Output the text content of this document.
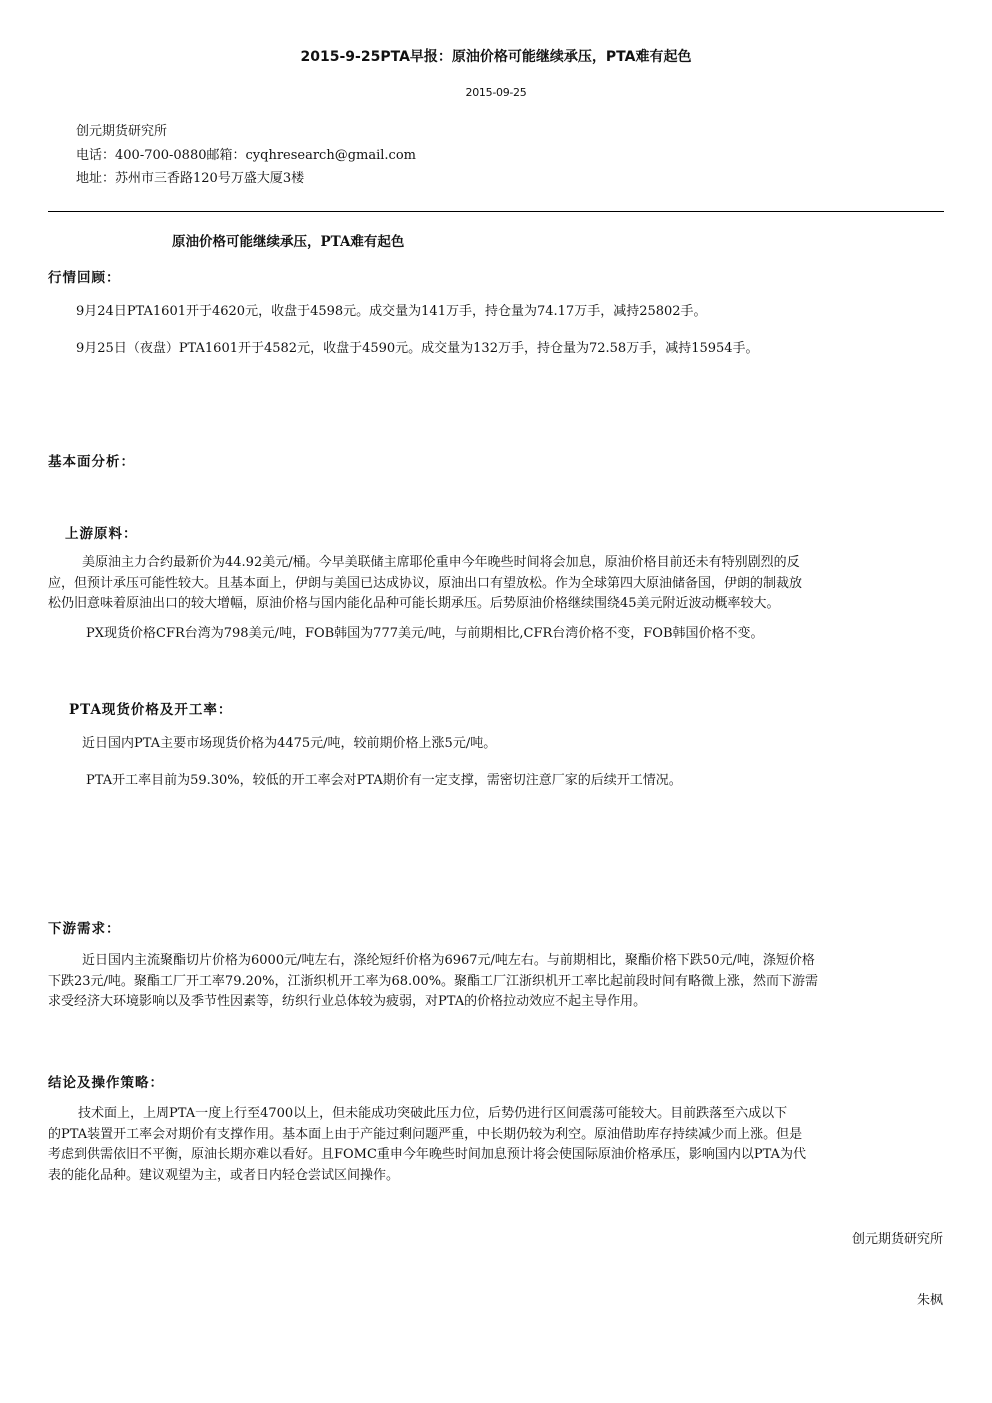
2015-9-25PTA早报：原油价格可能继续承压，PTA难有起色
2015-09-25
创元期货研究所
电话：400-700-0880邮箱：cyqhresearch@gmail.com
地址：苏州市三香路120号万盛大厦3楼
原油价格可能继续承压，PTA难有起色
行情回顾：
9月24日PTA1601开于4620元，收盘于4598元。成交量为141万手，持仓量为74.17万手，减持25802手。
9月25日（夜盘）PTA1601开于4582元，收盘于4590元。成交量为132万手，持仓量为72.58万手，减持15954手。
基本面分析：
上游原料：
美原油主力合约最新价为44.92美元/桶。今早美联储主席耶伦重申今年晚些时间将会加息，原油价格目前还未有特别剧烈的反
应，但预计承压可能性较大。且基本面上，伊朗与美国已达成协议，原油出口有望放松。作为全球第四大原油储备国，伊朗的制裁放
松仍旧意味着原油出口的较大增幅，原油价格与国内能化品种可能长期承压。后势原油价格继续围绕45美元附近波动概率较大。
PX现货价格CFR台湾为798美元/吨，FOB韩国为777美元/吨，与前期相比,CFR台湾价格不变，FOB韩国价格不变。
PTA现货价格及开工率：
近日国内PTA主要市场现货价格为4475元/吨，较前期价格上涨5元/吨。
PTA开工率目前为59.30%，较低的开工率会对PTA期价有一定支撑，需密切注意厂家的后续开工情况。
下游需求：
近日国内主流聚酯切片价格为6000元/吨左右，涤纶短纤价格为6967元/吨左右。与前期相比，聚酯价格下跌50元/吨，涤短价格
下跌23元/吨。聚酯工厂开工率79.20%，江浙织机开工率为68.00%。聚酯工厂江浙织机开工率比起前段时间有略微上涨，然而下游需
求受经济大环境影响以及季节性因素等，纺织行业总体较为疲弱，对PTA的价格拉动效应不起主导作用。
结论及操作策略：
技术面上，上周PTA一度上行至4700以上，但未能成功突破此压力位，后势仍进行区间震荡可能较大。目前跌落至六成以下
的PTA装置开工率会对期价有支撑作用。基本面上由于产能过剩问题严重，中长期仍较为利空。原油借助库存持续减少而上涨。但是
考虑到供需依旧不平衡，原油长期亦难以看好。且FOMC重申今年晚些时间加息预计将会使国际原油价格承压，影响国内以PTA为代
表的能化品种。建议观望为主，或者日内轻仓尝试区间操作。
创元期货研究所
朱枫
